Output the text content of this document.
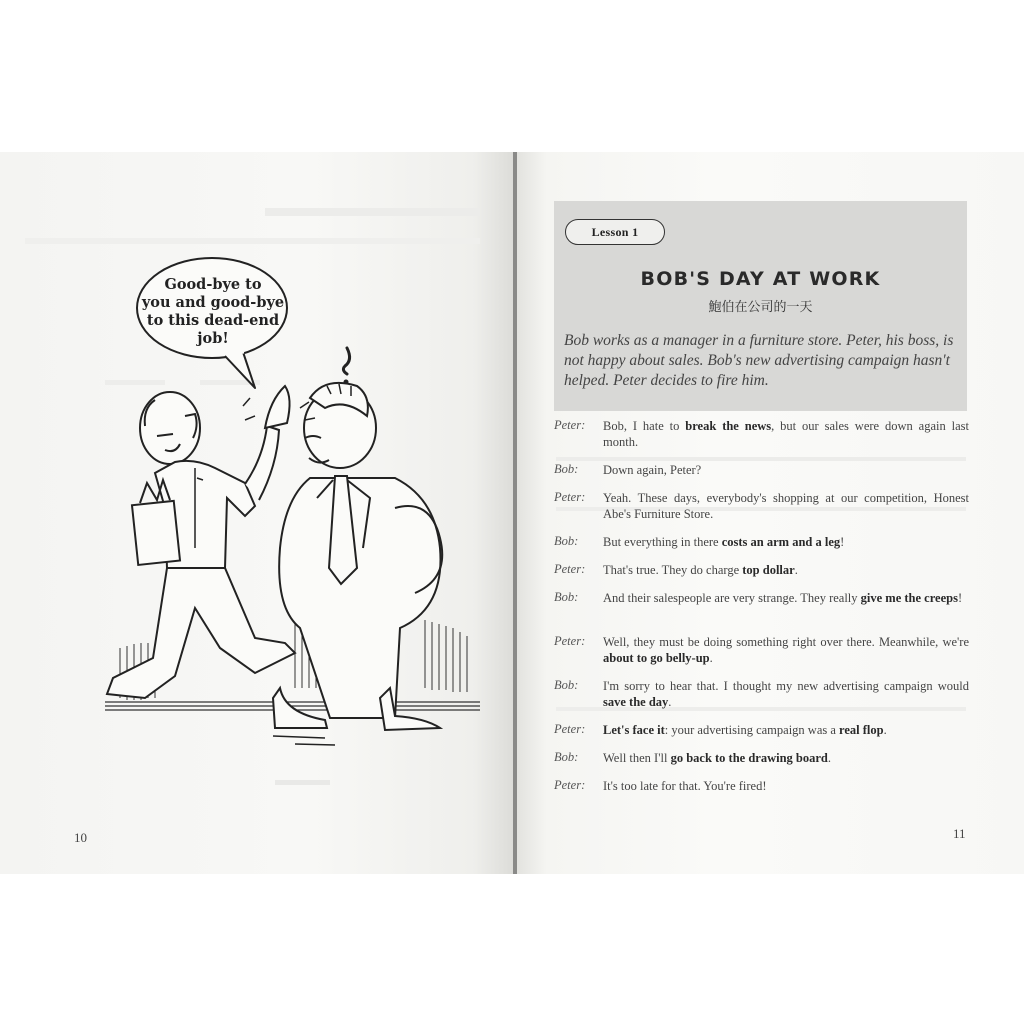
Good-bye to
you and good-bye
to this dead-end
job!
10
Lesson 1
BOB'S DAY AT WORK
鮑伯在公司的一天
Bob works as a manager in a furniture store. Peter, his boss, is not happy about sales. Bob's new advertising campaign hasn't helped. Peter decides to fire him.
Peter: Bob, I hate to break the news, but our sales were down again last month.
Bob: Down again, Peter?
Peter: Yeah. These days, everybody's shopping at our competition, Honest Abe's Furniture Store.
Bob: But everything in there costs an arm and a leg!
Peter: That's true. They do charge top dollar.
Bob: And their salespeople are very strange. They really give me the creeps!
Peter: Well, they must be doing something right over there. Meanwhile, we're about to go belly-up.
Bob: I'm sorry to hear that. I thought my new advertising campaign would save the day.
Peter: Let's face it: your advertising campaign was a real flop.
Bob: Well then I'll go back to the drawing board.
Peter: It's too late for that. You're fired!
11
